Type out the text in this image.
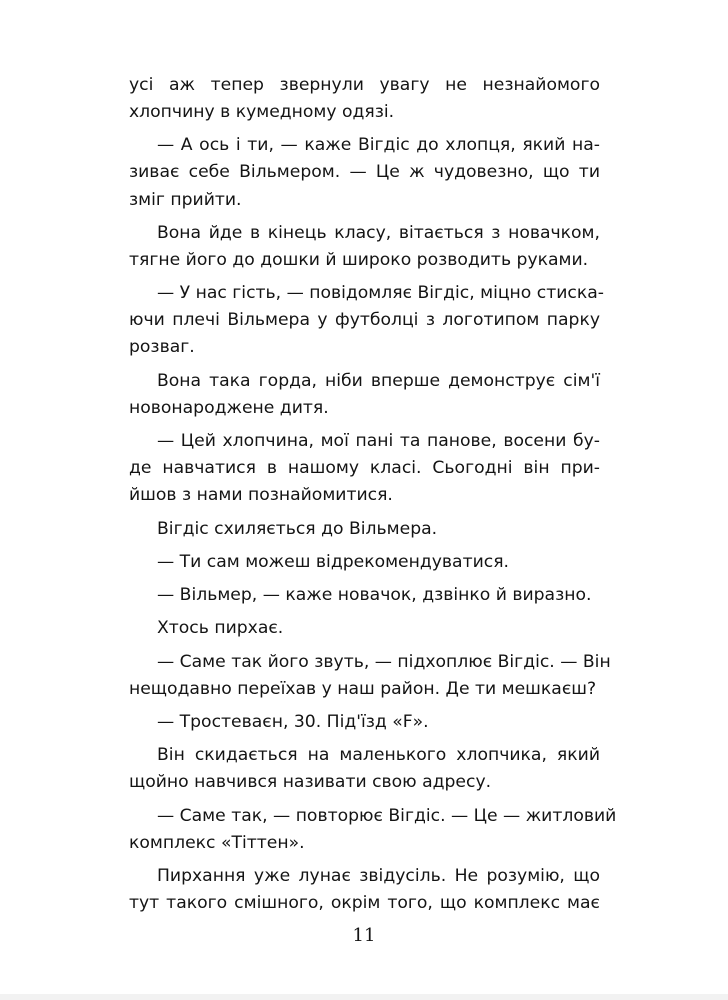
усі аж тепер звернули увагу не незнайомого
хлопчину в кумедному одязі.

— А ось і ти, — каже Вігдіс до хлопця, який на-
зиває себе Вільмером. — Це ж чудовезно, що ти
зміг прийти.

Вона йде в кінець класу, вітається з новачком,
тягне його до дошки й широко розводить руками.

— У нас гість, — повідомляє Вігдіс, міцно стиска-
ючи плечі Вільмера у футболці з логотипом парку
розваг.

Вона така горда, ніби вперше демонструє сім'ї
новонароджене дитя.

— Цей хлопчина, мої пані та панове, восени бу-
де навчатися в нашому класі. Сьогодні він при-
йшов з нами познайомитися.

Вігдіс схиляється до Вільмера.

— Ти сам можеш відрекомендуватися.

— Вільмер, — каже новачок, дзвінко й виразно.

Хтось пирхає.

— Саме так його звуть, — підхоплює Вігдіс. — Він
нещодавно переїхав у наш район. Де ти мешкаєш?

— Тростеваєн, 30. Під'їзд «F».

Він скидається на маленького хлопчика, який
щойно навчився називати свою адресу.

— Саме так, — повторює Вігдіс. — Це — житловий
комплекс «Тіттен».

Пирхання уже лунає звідусіль. Не розумію, що
тут такого смішного, окрім того, що комплекс має

11
